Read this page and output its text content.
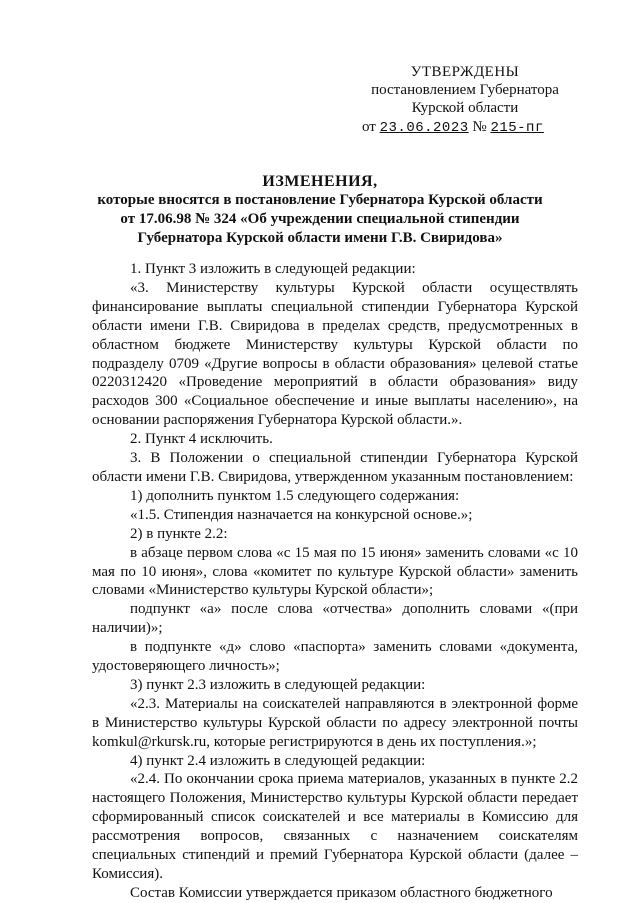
УТВЕРЖДЕНЫ
постановлением Губернатора
Курской области
от 23.06.2023 № 215-пг
ИЗМЕНЕНИЯ,
которые вносятся в постановление Губернатора Курской области
от 17.06.98 № 324 «Об учреждении специальной стипендии
Губернатора Курской области имени Г.В. Свиридова»

1. Пункт 3 изложить в следующей редакции:

«3. Министерству культуры Курской области осуществлять финансирование выплаты специальной стипендии Губернатора Курской области имени Г.В. Свиридова в пределах средств, предусмотренных в областном бюджете Министерству культуры Курской области по подразделу 0709 «Другие вопросы в области образования» целевой статье 0220312420 «Проведение мероприятий в области образования» виду расходов 300 «Социальное обеспечение и иные выплаты населению», на основании распоряжения Губернатора Курской области.».

2. Пункт 4 исключить.

3. В Положении о специальной стипендии Губернатора Курской области имени Г.В. Свиридова, утвержденном указанным постановлением:

1) дополнить пунктом 1.5 следующего содержания:

«1.5. Стипендия назначается на конкурсной основе.»;

2) в пункте 2.2:

в абзаце первом слова «с 15 мая по 15 июня» заменить словами «с 10 мая по 10 июня», слова «комитет по культуре Курской области» заменить словами «Министерство культуры Курской области»;

подпункт «а» после слова «отчества» дополнить словами «(при наличии)»;

в подпункте «д» слово «паспорта» заменить словами «документа, удостоверяющего личность»;

3) пункт 2.3 изложить в следующей редакции:

«2.3. Материалы на соискателей направляются в электронной форме в Министерство культуры Курской области по адресу электронной почты komkul@rkursk.ru, которые регистрируются в день их поступления.»;

4) пункт 2.4 изложить в следующей редакции:

«2.4. По окончании срока приема материалов, указанных в пункте 2.2 настоящего Положения, Министерство культуры Курской области передает сформированный список соискателей и все материалы в Комиссию для рассмотрения вопросов, связанных с назначением соискателям специальных стипендий и премий Губернатора Курской области (далее – Комиссия).

Состав Комиссии утверждается приказом областного бюджетного
